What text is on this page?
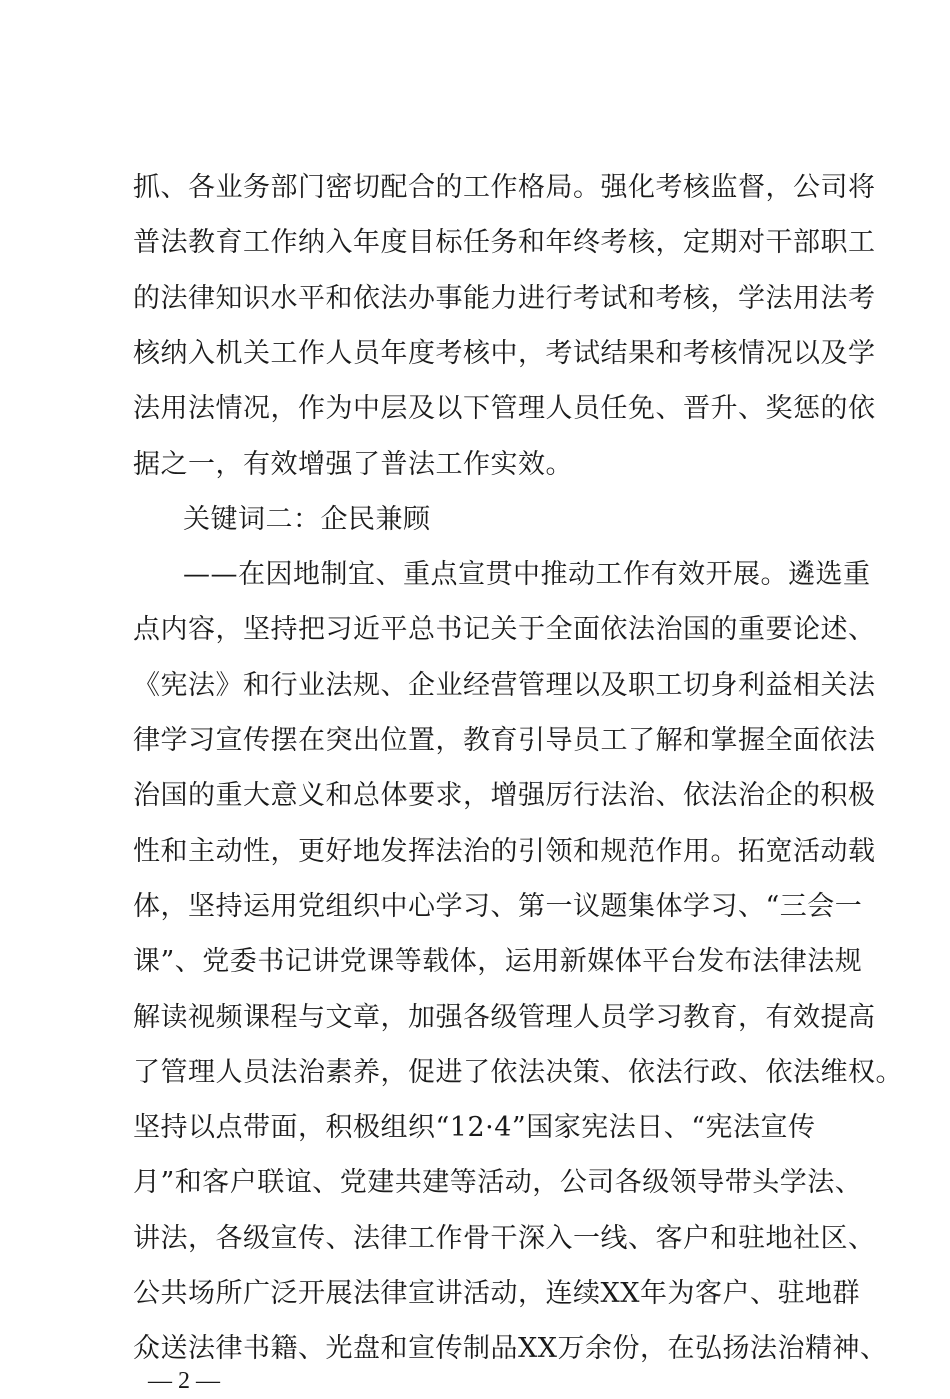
抓、各业务部门密切配合的工作格局。强化考核监督，公司将
普法教育工作纳入年度目标任务和年终考核，定期对干部职工
的法律知识水平和依法办事能力进行考试和考核，学法用法考
核纳入机关工作人员年度考核中，考试结果和考核情况以及学
法用法情况，作为中层及以下管理人员任免、晋升、奖惩的依
据之一，有效增强了普法工作实效。
关键词二：企民兼顾
——在因地制宜、重点宣贯中推动工作有效开展。遴选重
点内容，坚持把习近平总书记关于全面依法治国的重要论述、
《宪法》和行业法规、企业经营管理以及职工切身利益相关法
律学习宣传摆在突出位置，教育引导员工了解和掌握全面依法
治国的重大意义和总体要求，增强厉行法治、依法治企的积极
性和主动性，更好地发挥法治的引领和规范作用。拓宽活动载
体，坚持运用党组织中心学习、第一议题集体学习、“三会一
课”、党委书记讲党课等载体，运用新媒体平台发布法律法规
解读视频课程与文章，加强各级管理人员学习教育，有效提高
了管理人员法治素养，促进了依法决策、依法行政、依法维权。
坚持以点带面，积极组织“12·4”国家宪法日、“宪法宣传
月”和客户联谊、党建共建等活动，公司各级领导带头学法、
讲法，各级宣传、法律工作骨干深入一线、客户和驻地社区、
公共场所广泛开展法律宣讲活动，连续XX年为客户、驻地群
众送法律书籍、光盘和宣传制品XX万余份，在弘扬法治精神、
— 2 —
